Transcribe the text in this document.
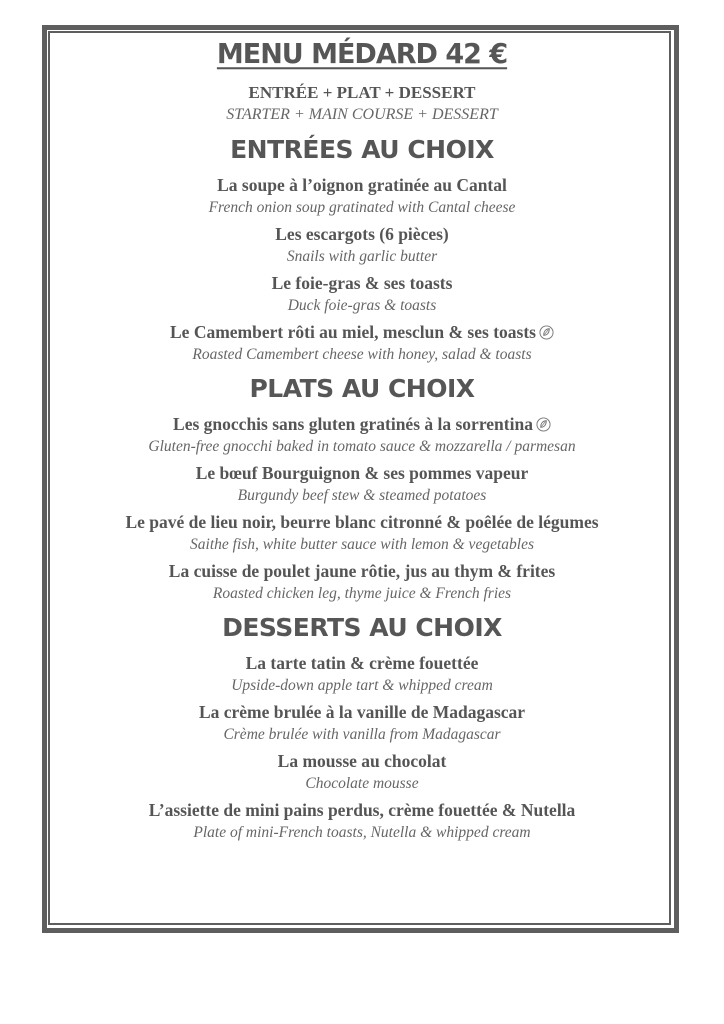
MENU MÉDARD 42 €
ENTRÉE + PLAT + DESSERT
STARTER + MAIN COURSE + DESSERT
ENTRÉES AU CHOIX
La soupe à l’oignon gratinée au Cantal
French onion soup gratinated with Cantal cheese
Les escargots (6 pièces)
Snails with garlic butter
Le foie-gras & ses toasts
Duck foie-gras & toasts
Le Camembert rôti au miel, mesclun & ses toasts
Roasted Camembert cheese with honey, salad & toasts
PLATS AU CHOIX
Les gnocchis sans gluten gratinés à la sorrentina
Gluten-free gnocchi baked in tomato sauce & mozzarella / parmesan
Le bœuf Bourguignon & ses pommes vapeur
Burgundy beef stew & steamed potatoes
Le pavé de lieu noir, beurre blanc citronné & poêlée de légumes
Saithe fish, white butter sauce with lemon & vegetables
La cuisse de poulet jaune rôtie, jus au thym & frites
Roasted chicken leg, thyme juice & French fries
DESSERTS AU CHOIX
La tarte tatin & crème fouettée
Upside-down apple tart & whipped cream
La crème brulée à la vanille de Madagascar
Crème brulée with vanilla from Madagascar
La mousse au chocolat
Chocolate mousse
L’assiette de mini pains perdus, crème fouettée & Nutella
Plate of mini-French toasts, Nutella & whipped cream
